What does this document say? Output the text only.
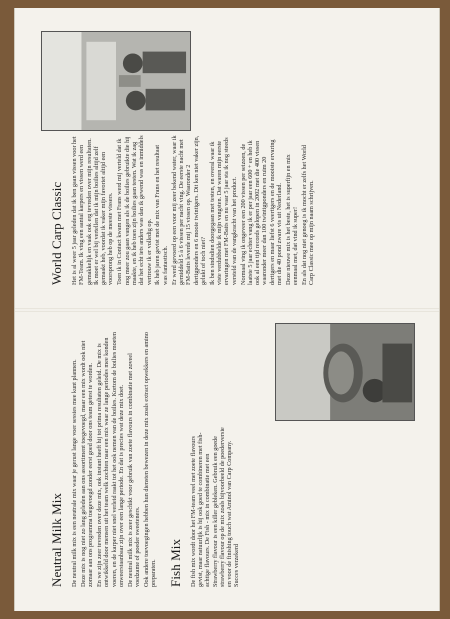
Neutral Milk Mix De neutral milk mix is een neutrale mix waar je gerust lange voer sessies mee kunt plannen. Deze mix is nog niet zo lang geleden aan ons assortiment toegevoegd, maar een mix wordt ook niet zomaar aan ons programma toegevoegd zonder eerst goed door ons team getest te worden. En we zijn zeer tevreden over deze mix, ook instant heeft hij tot prima resultaten geleid. De mix is ontwikkeld door mensen uit het team welk zochten naar een mix waar ze lange periodes mee konden voeren, en de karper niet snel verleid raakt tot het ook nemen van de boilies. Kortom de boilies moeten onweerstaanbaar zijn over een lange periode. En dat is precies wat deze mix doet. De neutral milk mix is zeer geschikt voor gebruik van zoete flavours in combinatie met zoveel voedzame of poeder sweeteners. Ook andere toevoegingen hebben hun diensten bewezen in deze mix zoals extract opwekkers en amino preparaten. Fish Mix De fish mix wordt door het FM-team veel met zoete flavours gevist, maar natuurlijk is hij ook goed te combineren met fish-achtige flavours. De Fish - mix in combinatie met een Strawberry flavour is een killer gebleken. Gebruik een goede strawberry flavour op de mix zoals bijvoorbeeld de poederversie en voor de finishing touch wat Aminol van Carp Company. Succes verzekerd

World Carp Classic Het is al weer 5 jaar geleden dat ik ben gaan vissen voor het FM-Team. Ik ving een aantal karpers en vissen werd een gemakkelijk en vaak ook erg tevreden over mijn resultaten. Ik moet er wel bij vertellen dat ik mijn boilies altijd zelf gemaakt heb, voordat ik vaker mijn favoriet altijd een voorsprong heb op de meeste vissers. Toen ik in Contact kwam met Frans werd mij verteld dat ik nog meer zou gaan vangen als ik de boilies gebruikte die hij maakte, en ik heb toen zijn boilies gaan testen. Wat ik zag dat het echt iets anders was dan ik gewend was en inmiddels vertrouw ik er volledig op. Ik heb jaren gevist met de mix van Frans en het resultaat was fantastisch. Er werd gevoerd op een voor mij zeer bekend water, waar ik gemiddeld 5 à 6 vissen per nacht ving. De eerste nacht met FM-Baits leverde mij 15 vissen op. Waaronder 2 dertigponders en 6 mooie twintigers. Dit ken niet vaker zijn, gelukt of toch niet? Ik ben sindsdien doorgegaan met testen, en overal waar ik viste verdubbelde ik mijn vangsten. Dat waren mijn eerste ervaringen met FM-Baits en nu vaar 5 jaar sta ik nog steeds versteld van de vangkracht van het product. Normaal ving ik ongeveer een 200 vissen per seizoen, de laatste 5 jaar echter vang ik er per jaar een 600 + en heb ik ook al een tijd records gelopen in 2002 met die 400 vissen waaronder meer dan 100 twintigponders en ruim 20 dertigers en maar liefst 6 veertigers en de mooiste ervaring met die 40 pond zware vis uit Nederland. Deze nieuwe mix is het beste, het is superfijn en mix eenmaal met, dat vind ik super! En als dat nog niet genoeg is ik mocht er zelfs het World Carp Classic mee op mijn naam schrijven.
